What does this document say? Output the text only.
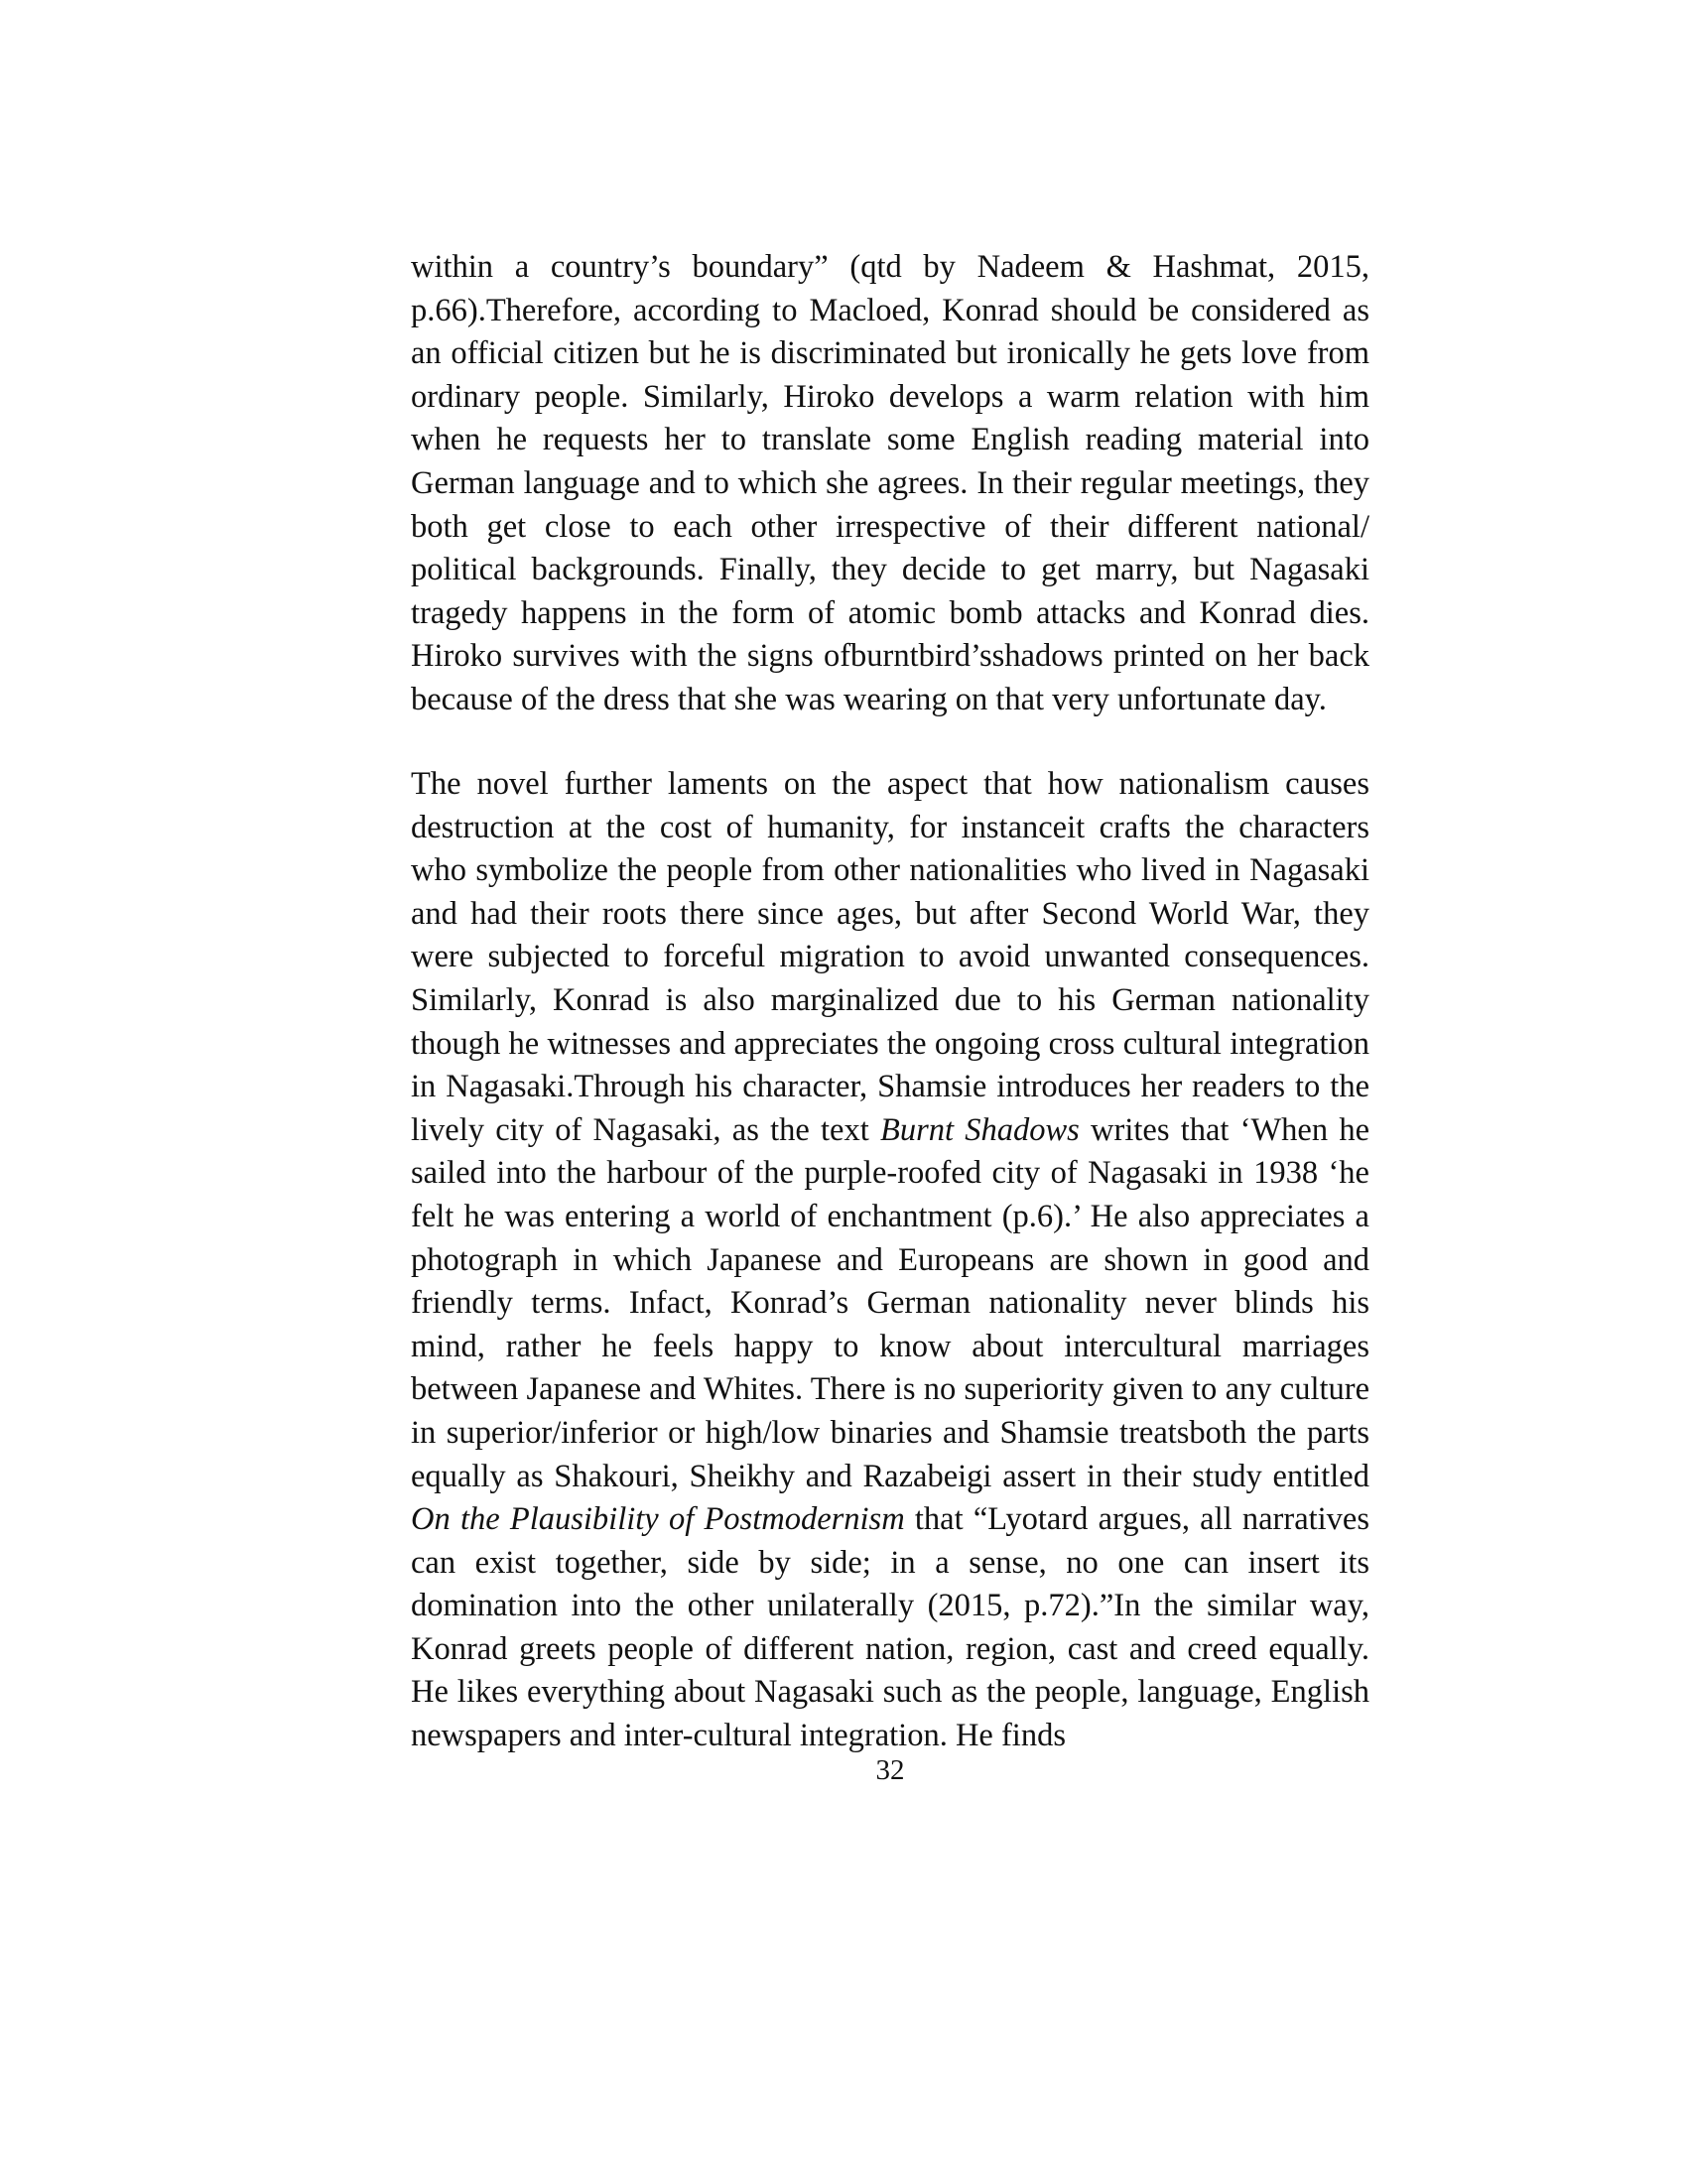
within a country’s boundary” (qtd by Nadeem & Hashmat, 2015, p.66).Therefore, according to Macloed, Konrad should be considered as an official citizen but he is discriminated but ironically he gets love from ordinary people. Similarly, Hiroko develops a warm relation with him when he requests her to translate some English reading material into German language and to which she agrees. In their regular meetings, they both get close to each other irrespective of their different national/ political backgrounds. Finally, they decide to get marry, but Nagasaki tragedy happens in the form of atomic bomb attacks and Konrad dies. Hiroko survives with the signs ofburntbird’sshadows printed on her back because of the dress that she was wearing on that very unfortunate day.

The novel further laments on the aspect that how nationalism causes destruction at the cost of humanity, for instanceit crafts the characters who symbolize the people from other nationalities who lived in Nagasaki and had their roots there since ages, but after Second World War, they were subjected to forceful migration to avoid unwanted consequences. Similarly, Konrad is also marginalized due to his German nationality though he witnesses and appreciates the ongoing cross cultural integration in Nagasaki.Through his character, Shamsie introduces her readers to the lively city of Nagasaki, as the text Burnt Shadows writes that ‘When he sailed into the harbour of the purple-roofed city of Nagasaki in 1938 ‘he felt he was entering a world of enchantment (p.6).’ He also appreciates a photograph in which Japanese and Europeans are shown in good and friendly terms. Infact, Konrad’s German nationality never blinds his mind, rather he feels happy to know about intercultural marriages between Japanese and Whites. There is no superiority given to any culture in superior/inferior or high/low binaries and Shamsie treatsboth the parts equally as Shakouri, Sheikhy and Razabeigi assert in their study entitled On the Plausibility of Postmodernism that “Lyotard argues, all narratives can exist together, side by side; in a sense, no one can insert its domination into the other unilaterally (2015, p.72).”In the similar way, Konrad greets people of different nation, region, cast and creed equally. He likes everything about Nagasaki such as the people, language, English newspapers and inter-cultural integration. He finds

32
